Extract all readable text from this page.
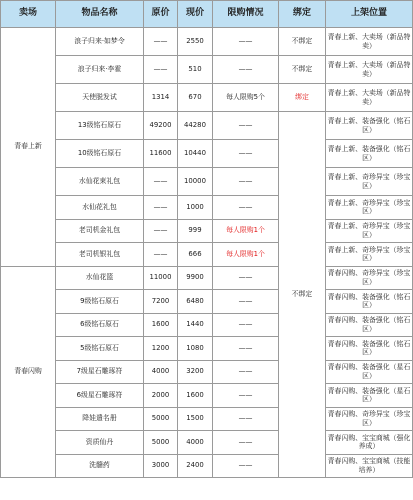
卖场	物品名称	原价	现价	限购情况	绑定	上架位置
青春上新	浪子归来·如梦令	——	2550	——	不绑定	青春上新、大卖场（新品特卖）
	浪子归来·李霍	——	510	——	不绑定	青春上新、大卖场（新品特卖）
	天使脱发试	1314	670	每人限购5个	绑定	青春上新、大卖场（新品特卖）
	13级铭石原石	49200	44280	——	不绑定	青春上新、装备强化（铭石区）
	10级铭石原石	11600	10440	——		青春上新、装备强化（铭石区）
	水仙花束礼包	——	10000	——		青春上新、奇珍异宝（珍宝区）
	水仙花礼包	——	1000	——		青春上新、奇珍异宝（珍宝区）
	老司机金礼包	——	999	每人限购1个		青春上新、奇珍异宝（珍宝区）
	老司机银礼包	——	666	每人限购1个		青春上新、奇珍异宝（珍宝区）
青春闪购	水仙花篮	11000	9900	——		青春闪购、奇珍异宝（珍宝区）
	9级铭石原石	7200	6480	——		青春闪购、装备强化（铭石区）
	6级铭石原石	1600	1440	——		青春闪购、装备强化（铭石区）
	5级铭石原石	1200	1080	——		青春闪购、装备强化（铭石区）
	7级星石雕琢符	4000	3200	——		青春闪购、装备强化（星石区）
	6级星石雕琢符	2000	1600	——		青春闪购、装备强化（星石区）
	降娃遣名册	5000	1500	——		青春闪购、奇珍异宝（珍宝区）
	资质仙丹	5000	4000	——		青春闪购、宝宝商城（强化养成）
	洗髓药	3000	2400	——		青春闪购、宝宝商城（技能培养）
